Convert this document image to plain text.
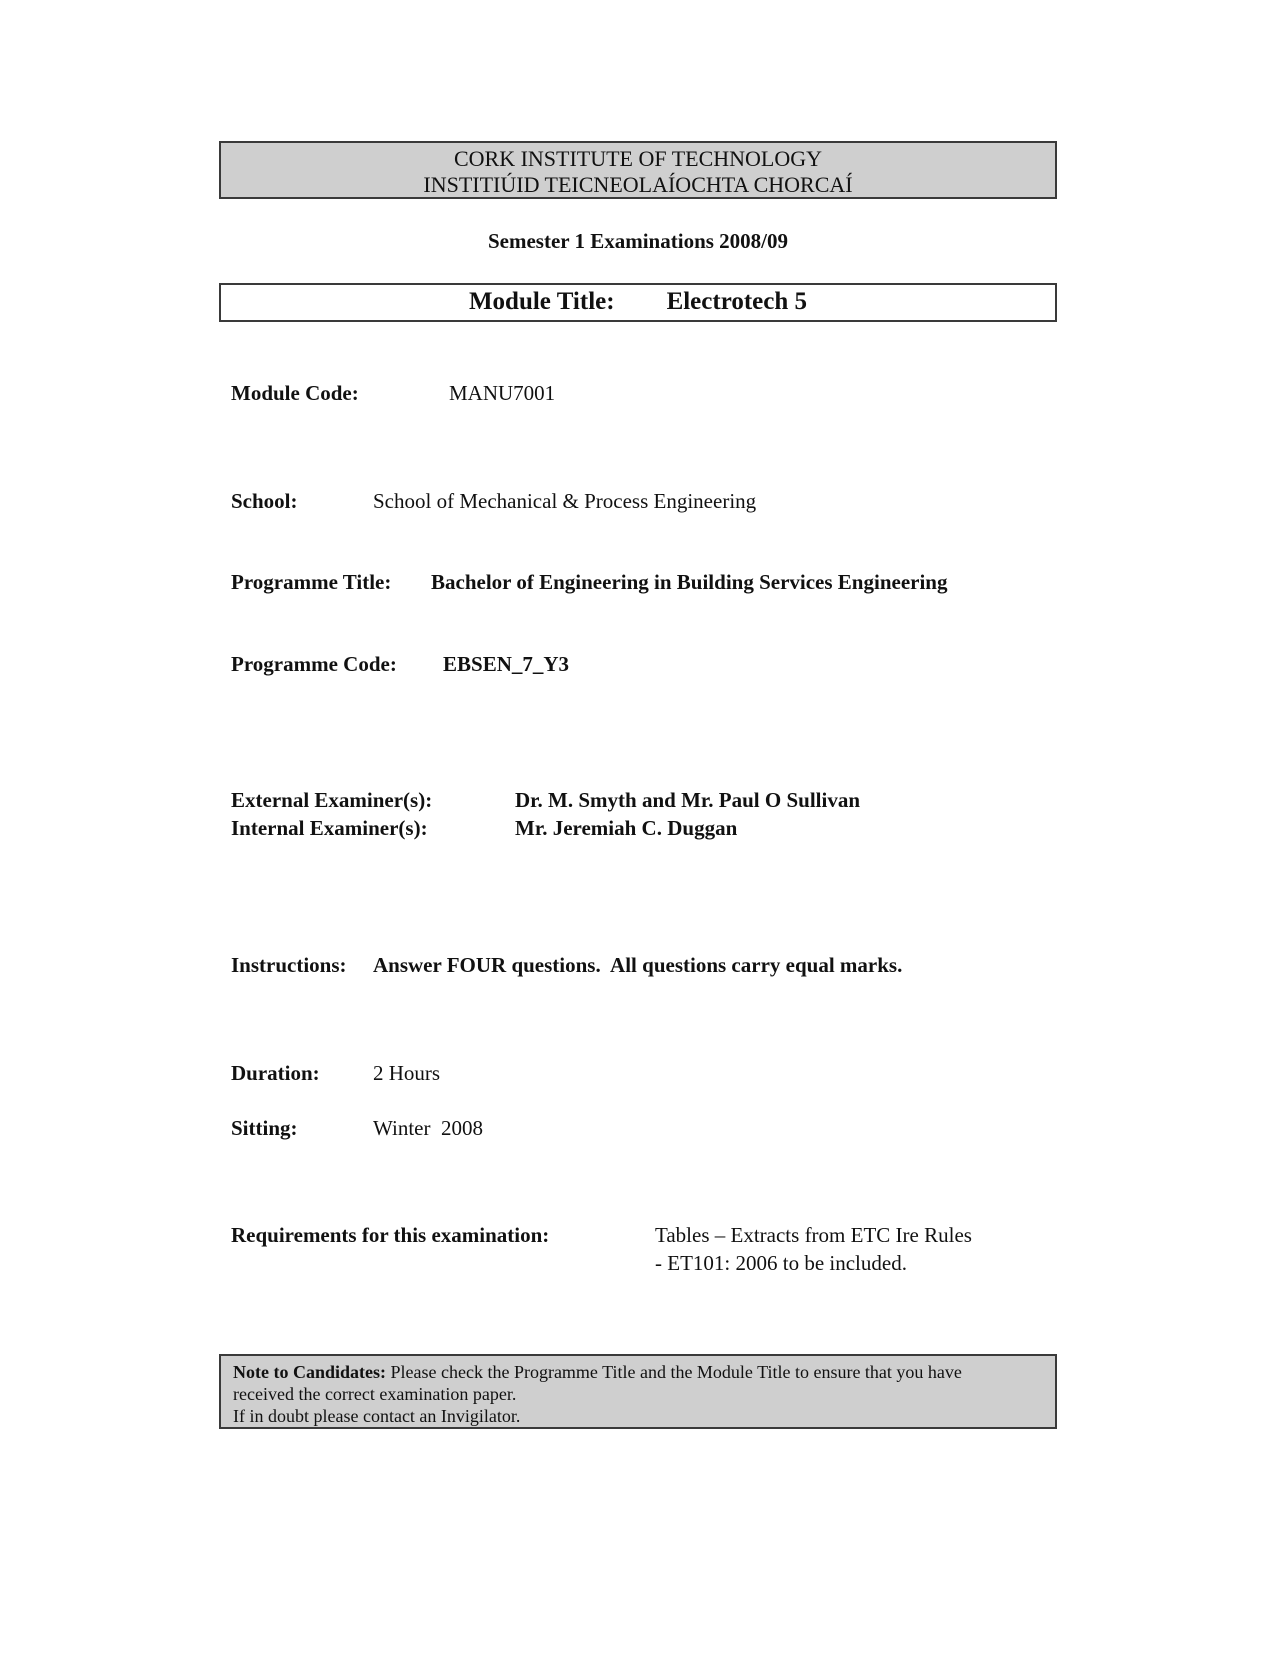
CORK INSTITUTE OF TECHNOLOGY
INSTITIÚID TEICNEOLAÍOCHTA CHORCAÍ
Semester 1 Examinations 2008/09
Module Title: Electrotech 5
Module Code:	MANU7001
School:	School of Mechanical & Process Engineering
Programme Title: Bachelor of Engineering in Building Services Engineering
Programme Code: EBSEN_7_Y3
External Examiner(s):	Dr. M. Smyth and Mr. Paul O Sullivan
Internal Examiner(s):	Mr. Jeremiah C. Duggan
Instructions: Answer FOUR questions.  All questions carry equal marks.
Duration:	2 Hours
Sitting:	Winter  2008
Requirements for this examination:	Tables – Extracts from ETC Ire Rules
- ET101: 2006 to be included.
Note to Candidates: Please check the Programme Title and the Module Title to ensure that you have
received the correct examination paper.
If in doubt please contact an Invigilator.
